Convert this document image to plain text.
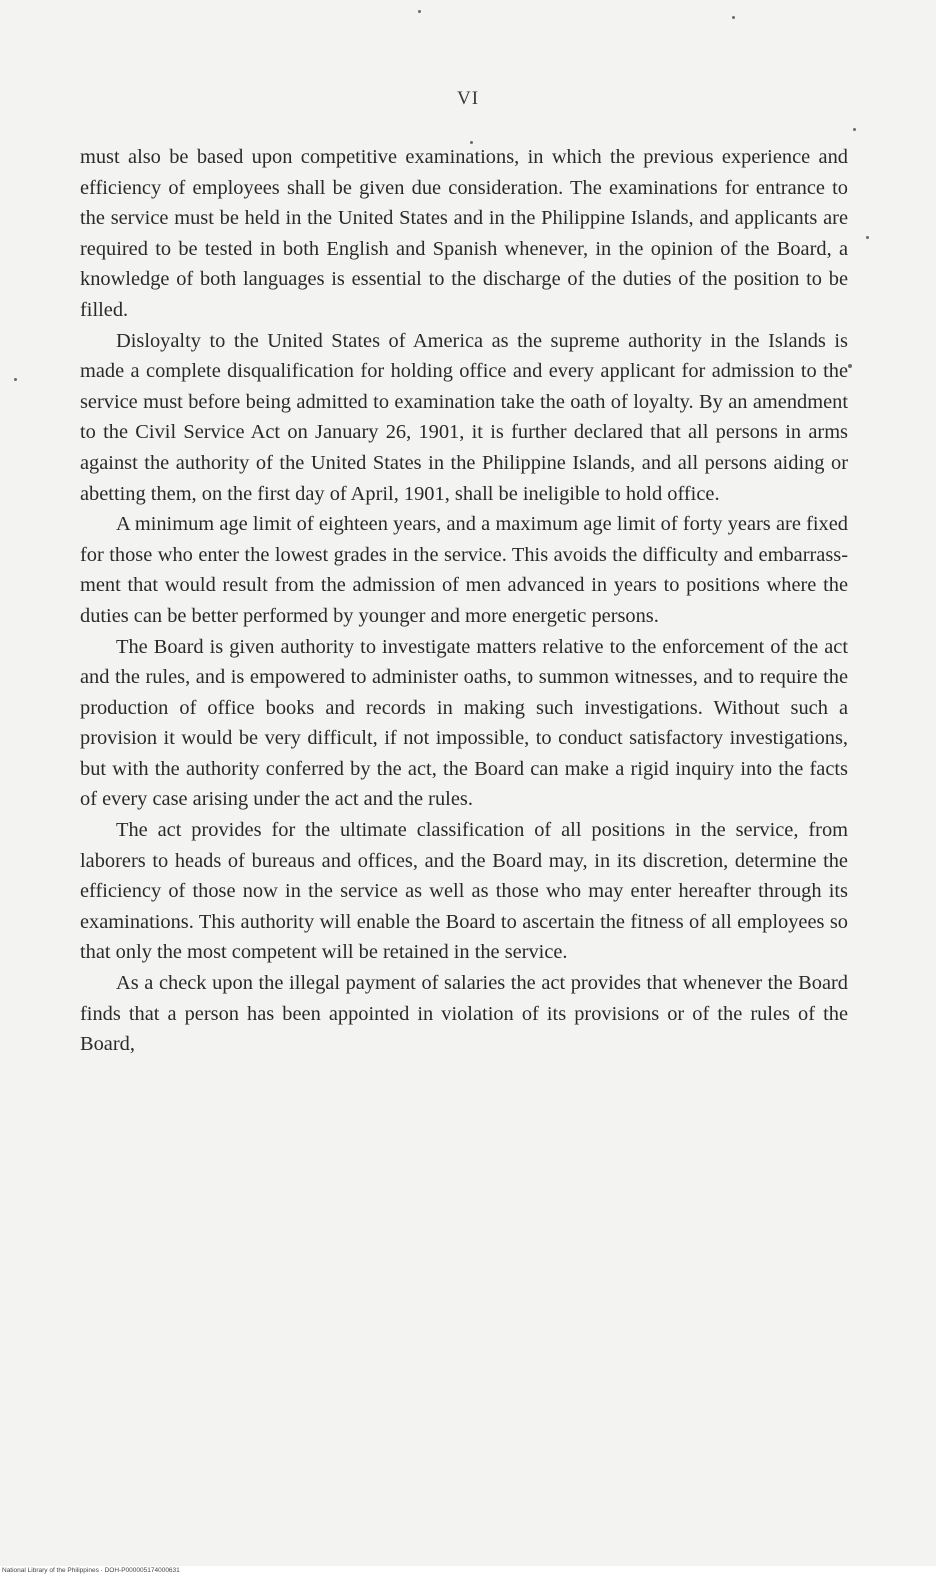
VI

must also be based upon competitive examinations, in which the previous experience and efficiency of employees shall be given due consideration. The examinations for entrance to the service must be held in the United States and in the Philippine Islands, and applicants are required to be tested in both English and Spanish whenever, in the opinion of the Board, a knowledge of both languages is essential to the discharge of the duties of the position to be filled.

Disloyalty to the United States of America as the supreme authority in the Islands is made a complete disqualification for holding office and every applicant for admission to the service must before being admitted to examination take the oath of loyalty. By an amendment to the Civil Service Act on January 26, 1901, it is further declared that all persons in arms against the authority of the United States in the Philippine Islands, and all persons aiding or abetting them, on the first day of April, 1901, shall be ineligible to hold office.

A minimum age limit of eighteen years, and a maximum age limit of forty years are fixed for those who enter the lowest grades in the service. This avoids the difficulty and embarrassment that would result from the admission of men advanced in years to positions where the duties can be better performed by younger and more energetic persons.

The Board is given authority to investigate matters relative to the enforcement of the act and the rules, and is empowered to administer oaths, to summon witnesses, and to require the production of office books and records in making such investigations. Without such a provision it would be very difficult, if not impossible, to conduct satisfactory investigations, but with the authority conferred by the act, the Board can make a rigid inquiry into the facts of every case arising under the act and the rules.

The act provides for the ultimate classification of all positions in the service, from laborers to heads of bureaus and offices, and the Board may, in its discretion, determine the efficiency of those now in the service as well as those who may enter hereafter through its examinations. This authority will enable the Board to ascertain the fitness of all employees so that only the most competent will be retained in the service.

As a check upon the illegal payment of salaries the act provides that whenever the Board finds that a person has been appointed in violation of its provisions or of the rules of the Board,

National Library of the Philippines · DOH-P000005174000631
